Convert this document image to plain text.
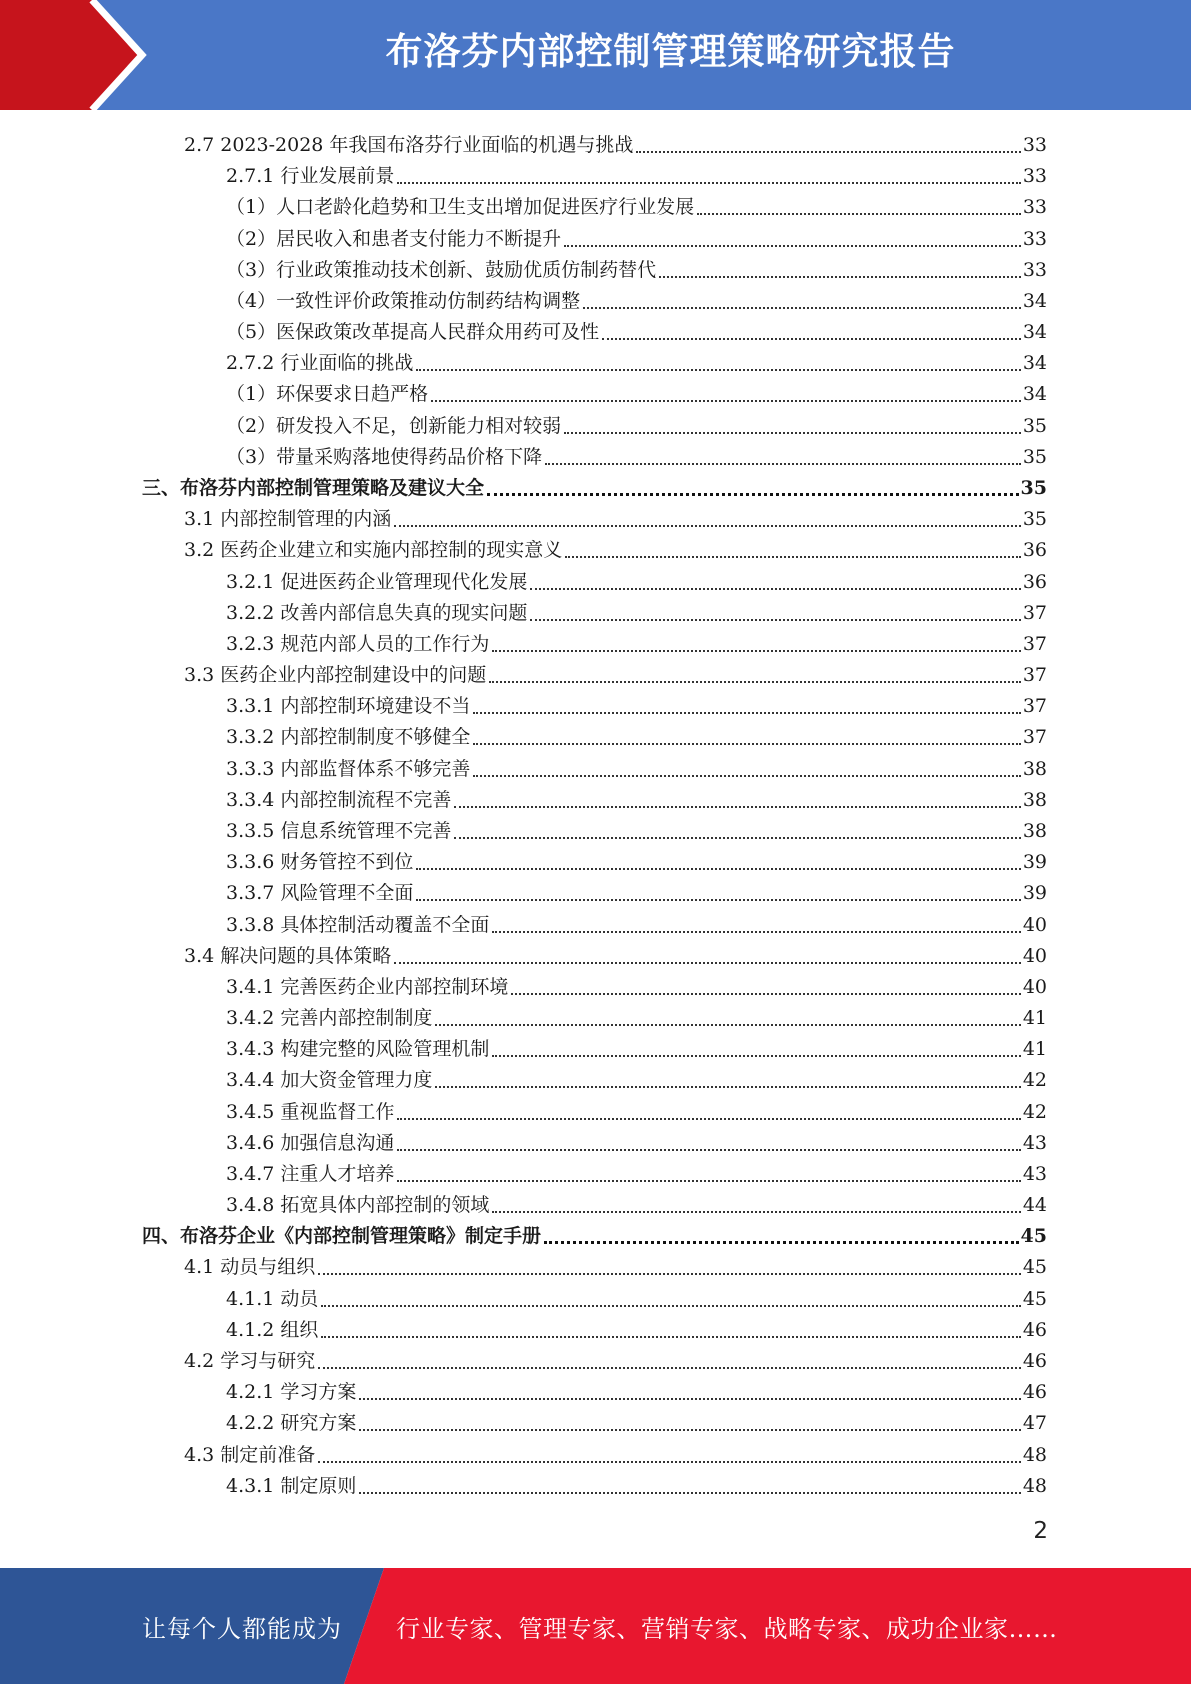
布洛芬内部控制管理策略研究报告
2.7 2023-2028 年我国布洛芬行业面临的机遇与挑战	33
2.7.1 行业发展前景	33
（1）人口老龄化趋势和卫生支出增加促进医疗行业发展	33
（2）居民收入和患者支付能力不断提升	33
（3）行业政策推动技术创新、鼓励优质仿制药替代	33
（4）一致性评价政策推动仿制药结构调整	34
（5）医保政策改革提高人民群众用药可及性	34
2.7.2 行业面临的挑战	34
（1）环保要求日趋严格	34
（2）研发投入不足，创新能力相对较弱	35
（3）带量采购落地使得药品价格下降	35
三、布洛芬内部控制管理策略及建议大全	35
3.1 内部控制管理的内涵	35
3.2 医药企业建立和实施内部控制的现实意义	36
3.2.1 促进医药企业管理现代化发展	36
3.2.2 改善内部信息失真的现实问题	37
3.2.3 规范内部人员的工作行为	37
3.3 医药企业内部控制建设中的问题	37
3.3.1 内部控制环境建设不当	37
3.3.2 内部控制制度不够健全	37
3.3.3 内部监督体系不够完善	38
3.3.4 内部控制流程不完善	38
3.3.5 信息系统管理不完善	38
3.3.6 财务管控不到位	39
3.3.7 风险管理不全面	39
3.3.8 具体控制活动覆盖不全面	40
3.4 解决问题的具体策略	40
3.4.1 完善医药企业内部控制环境	40
3.4.2 完善内部控制制度	41
3.4.3 构建完整的风险管理机制	41
3.4.4 加大资金管理力度	42
3.4.5 重视监督工作	42
3.4.6 加强信息沟通	43
3.4.7 注重人才培养	43
3.4.8 拓宽具体内部控制的领域	44
四、布洛芬企业《内部控制管理策略》制定手册	45
4.1 动员与组织	45
4.1.1 动员	45
4.1.2 组织	46
4.2 学习与研究	46
4.2.1 学习方案	46
4.2.2 研究方案	47
4.3 制定前准备	48
4.3.1 制定原则	48
2
让每个人都能成为 行业专家、管理专家、营销专家、战略专家、成功企业家……
